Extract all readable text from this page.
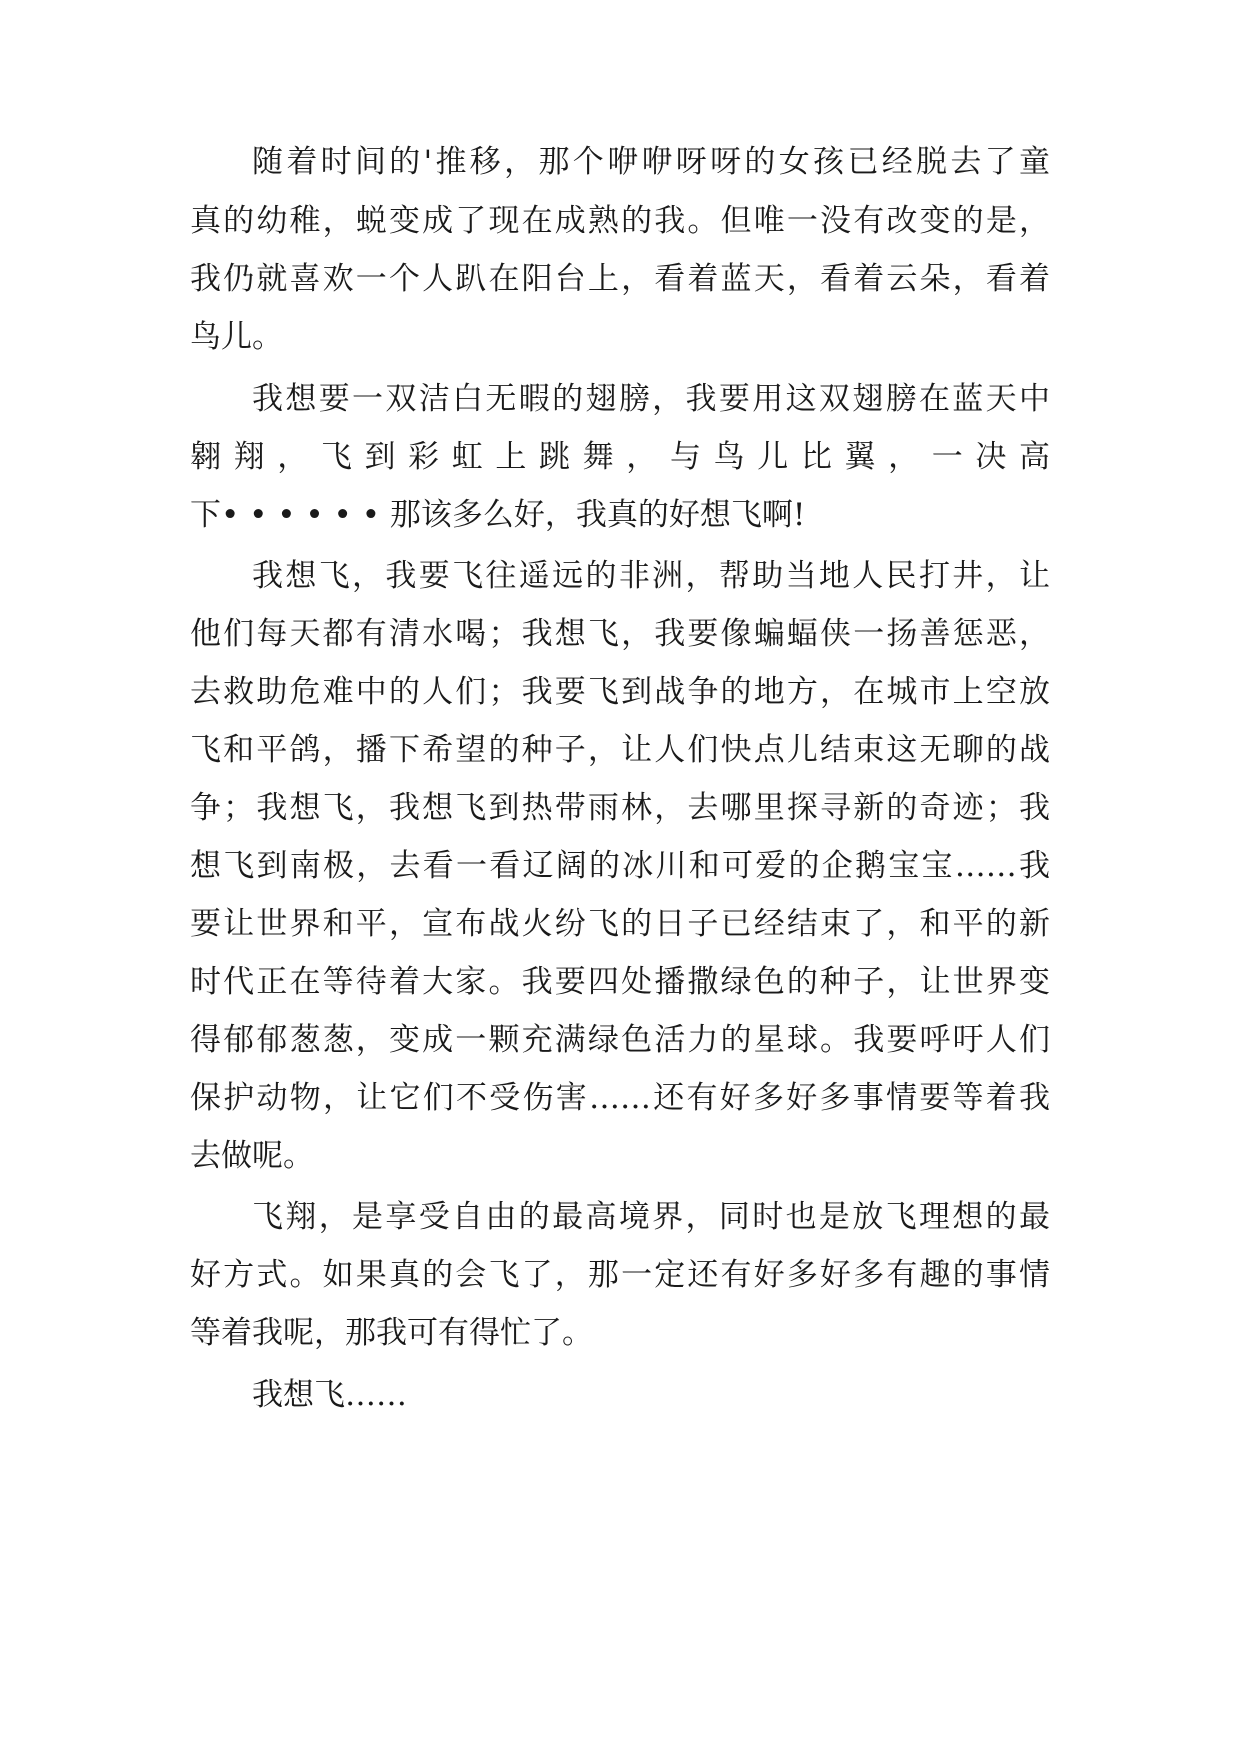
随着时间的'推移，那个咿咿呀呀的女孩已经脱去了童
真的幼稚，蜕变成了现在成熟的我。但唯一没有改变的是，
我仍就喜欢一个人趴在阳台上，看着蓝天，看着云朵，看着
鸟儿。
我想要一双洁白无暇的翅膀，我要用这双翅膀在蓝天中
翱 翔 ， 飞 到 彩 虹 上 跳 舞 ， 与 鸟 儿 比 翼 ， 一 决 高
下• • • • • • 那该多么好，我真的好想飞啊!
我想飞，我要飞往遥远的非洲，帮助当地人民打井，让
他们每天都有清水喝；我想飞，我要像蝙蝠侠一扬善惩恶，
去救助危难中的人们；我要飞到战争的地方，在城市上空放
飞和平鸽，播下希望的种子，让人们快点儿结束这无聊的战
争；我想飞，我想飞到热带雨林，去哪里探寻新的奇迹；我
想飞到南极，去看一看辽阔的冰川和可爱的企鹅宝宝……我
要让世界和平，宣布战火纷飞的日子已经结束了，和平的新
时代正在等待着大家。我要四处播撒绿色的种子，让世界变
得郁郁葱葱，变成一颗充满绿色活力的星球。我要呼吁人们
保护动物，让它们不受伤害……还有好多好多事情要等着我
去做呢。
飞翔，是享受自由的最高境界，同时也是放飞理想的最
好方式。如果真的会飞了，那一定还有好多好多有趣的事情
等着我呢，那我可有得忙了。
我想飞……
